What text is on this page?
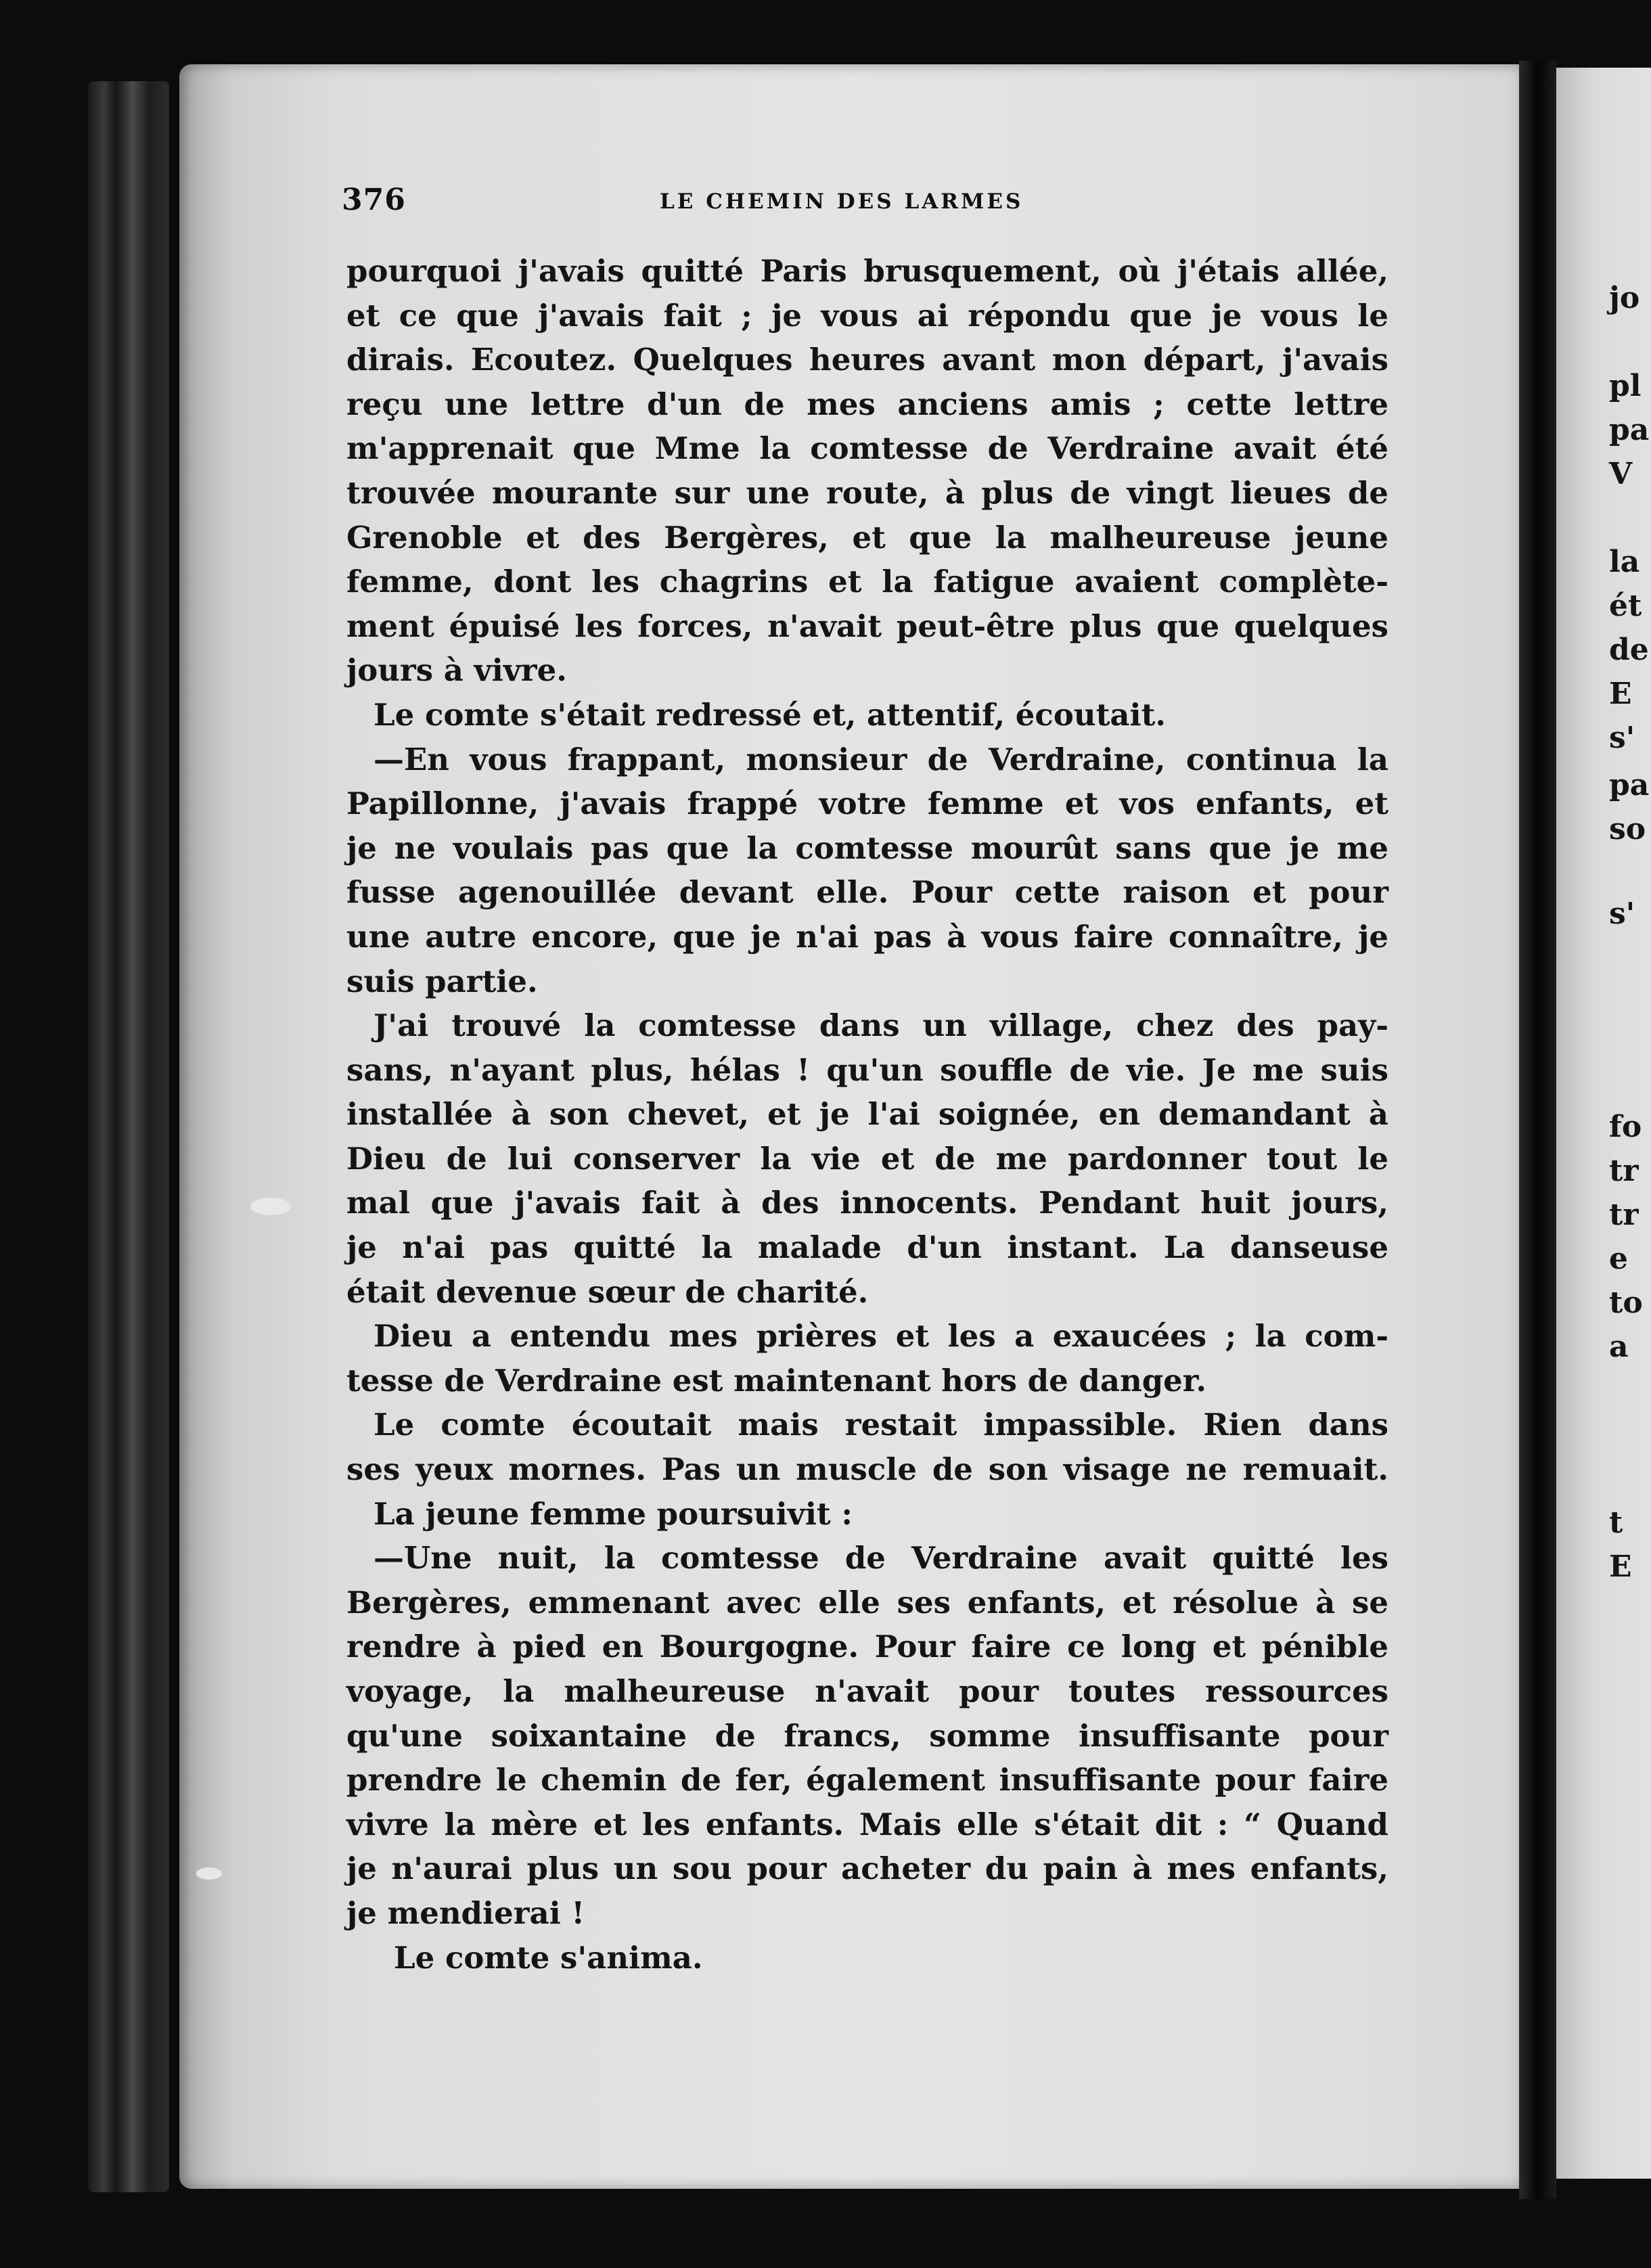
376	LE CHEMIN DES LARMES
pourquoi j'avais quitté Paris brusquement, où j'étais allée,
et ce que j'avais fait ; je vous ai répondu que je vous le
dirais. Ecoutez. Quelques heures avant mon départ, j'avais
reçu une lettre d'un de mes anciens amis ; cette lettre
m'apprenait que Mme la comtesse de Verdraine avait été
trouvée mourante sur une route, à plus de vingt lieues de
Grenoble et des Bergères, et que la malheureuse jeune
femme, dont les chagrins et la fatigue avaient complète-
ment épuisé les forces, n'avait peut-être plus que quelques
jours à vivre.
Le comte s'était redressé et, attentif, écoutait.
—En vous frappant, monsieur de Verdraine, continua la
Papillonne, j'avais frappé votre femme et vos enfants, et
je ne voulais pas que la comtesse mourût sans que je me
fusse agenouillée devant elle. Pour cette raison et pour
une autre encore, que je n'ai pas à vous faire connaître, je
suis partie.
J'ai trouvé la comtesse dans un village, chez des pay-
sans, n'ayant plus, hélas ! qu'un souffle de vie. Je me suis
installée à son chevet, et je l'ai soignée, en demandant à
Dieu de lui conserver la vie et de me pardonner tout le
mal que j'avais fait à des innocents. Pendant huit jours,
je n'ai pas quitté la malade d'un instant. La danseuse
était devenue sœur de charité.
Dieu a entendu mes prières et les a exaucées ; la com-
tesse de Verdraine est maintenant hors de danger.
Le comte écoutait mais restait impassible. Rien dans
ses yeux mornes. Pas un muscle de son visage ne remuait.
La jeune femme poursuivit :
—Une nuit, la comtesse de Verdraine avait quitté les
Bergères, emmenant avec elle ses enfants, et résolue à se
rendre à pied en Bourgogne. Pour faire ce long et pénible
voyage, la malheureuse n'avait pour toutes ressources
qu'une soixantaine de francs, somme insuffisante pour
prendre le chemin de fer, également insuffisante pour faire
vivre la mère et les enfants. Mais elle s'était dit : “ Quand
je n'aurai plus un sou pour acheter du pain à mes enfants,
je mendierai !
Le comte s'anima.
jo
pl
pa
V
la
ét
de
E
s'
pa
so
s'
fo
tr
tr
e
to
a
t
E
